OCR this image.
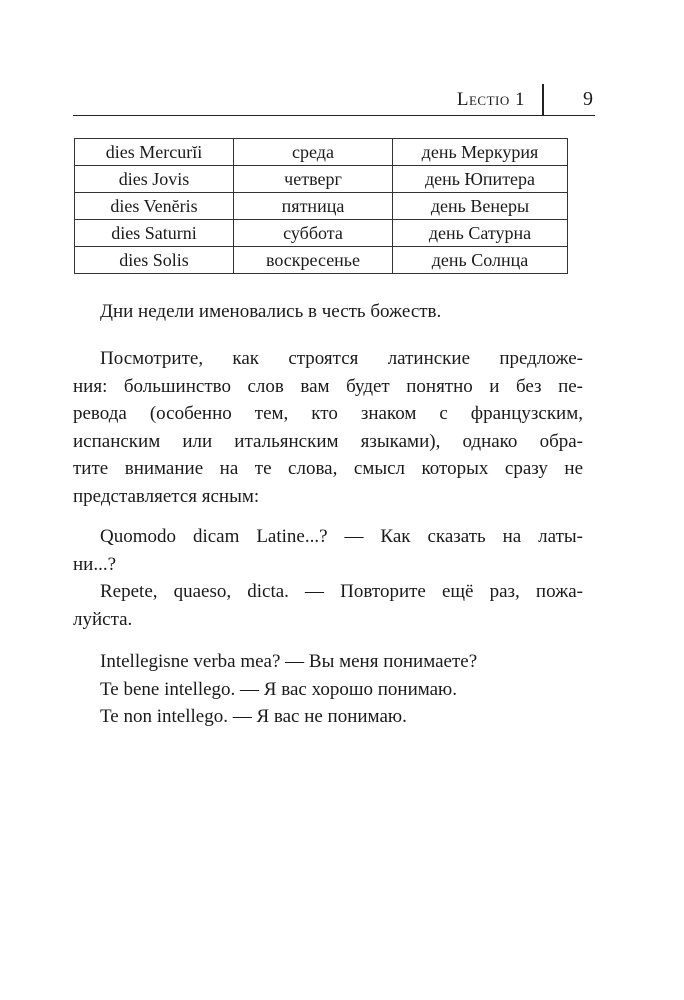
Lectio 1	9
dies Mercurĭi	среда	день Меркурия
dies Jovis	четверг	день Юпитера
dies Venĕris	пятница	день Венеры
dies Saturni	суббота	день Сатурна
dies Solis	воскресенье	день Солнца
Дни недели именовались в честь божеств.
Посмотрите, как строятся латинские предложе-
ния: большинство слов вам будет понятно и без пе-
ревода (особенно тем, кто знаком с французским,
испанским или итальянским языками), однако обра-
тите внимание на те слова, смысл которых сразу не
представляется ясным:
Quomodo dicam Latine...? — Как сказать на латы-
ни...?
Repete, quaeso, dicta. — Повторите ещё раз, пожа-
луйста.
Intellegisne verba mea? — Вы меня понимаете?
Te bene intellego. — Я вас хорошо понимаю.
Te non intellego. — Я вас не понимаю.
